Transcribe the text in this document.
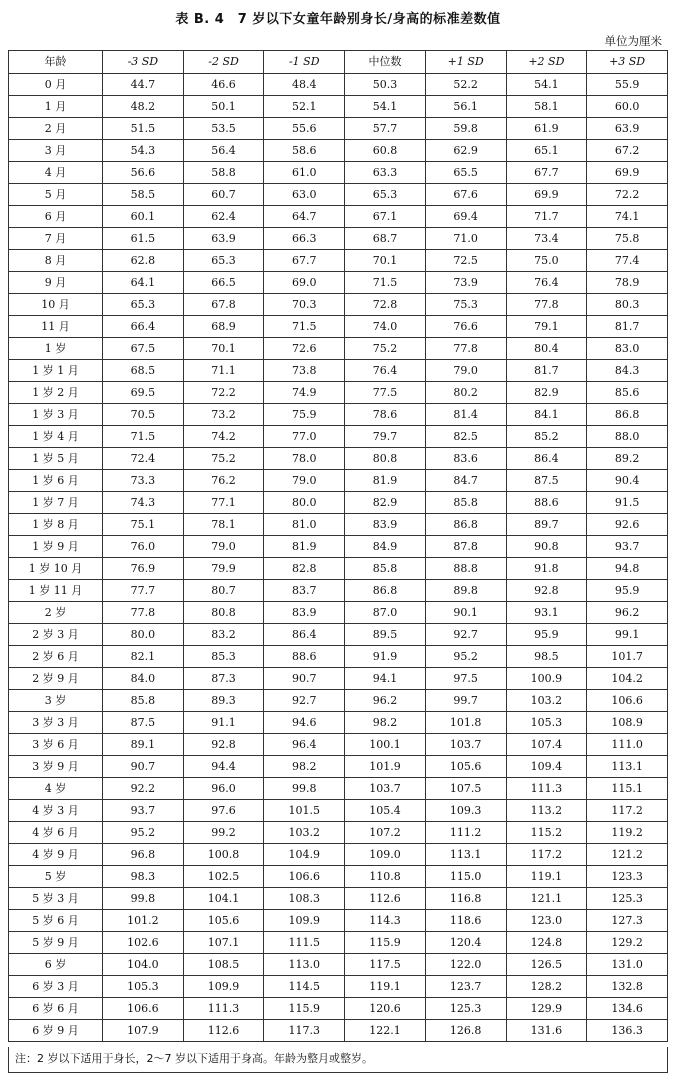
表 B. 4　7 岁以下女童年龄别身长/身高的标准差数值
单位为厘米
年龄	-3 SD	-2 SD	-1 SD	中位数	+1 SD	+2 SD	+3 SD
0 月	44.7	46.6	48.4	50.3	52.2	54.1	55.9
1 月	48.2	50.1	52.1	54.1	56.1	58.1	60.0
2 月	51.5	53.5	55.6	57.7	59.8	61.9	63.9
3 月	54.3	56.4	58.6	60.8	62.9	65.1	67.2
4 月	56.6	58.8	61.0	63.3	65.5	67.7	69.9
5 月	58.5	60.7	63.0	65.3	67.6	69.9	72.2
6 月	60.1	62.4	64.7	67.1	69.4	71.7	74.1
7 月	61.5	63.9	66.3	68.7	71.0	73.4	75.8
8 月	62.8	65.3	67.7	70.1	72.5	75.0	77.4
9 月	64.1	66.5	69.0	71.5	73.9	76.4	78.9
10 月	65.3	67.8	70.3	72.8	75.3	77.8	80.3
11 月	66.4	68.9	71.5	74.0	76.6	79.1	81.7
1 岁	67.5	70.1	72.6	75.2	77.8	80.4	83.0
1 岁 1 月	68.5	71.1	73.8	76.4	79.0	81.7	84.3
1 岁 2 月	69.5	72.2	74.9	77.5	80.2	82.9	85.6
1 岁 3 月	70.5	73.2	75.9	78.6	81.4	84.1	86.8
1 岁 4 月	71.5	74.2	77.0	79.7	82.5	85.2	88.0
1 岁 5 月	72.4	75.2	78.0	80.8	83.6	86.4	89.2
1 岁 6 月	73.3	76.2	79.0	81.9	84.7	87.5	90.4
1 岁 7 月	74.3	77.1	80.0	82.9	85.8	88.6	91.5
1 岁 8 月	75.1	78.1	81.0	83.9	86.8	89.7	92.6
1 岁 9 月	76.0	79.0	81.9	84.9	87.8	90.8	93.7
1 岁 10 月	76.9	79.9	82.8	85.8	88.8	91.8	94.8
1 岁 11 月	77.7	80.7	83.7	86.8	89.8	92.8	95.9
2 岁	77.8	80.8	83.9	87.0	90.1	93.1	96.2
2 岁 3 月	80.0	83.2	86.4	89.5	92.7	95.9	99.1
2 岁 6 月	82.1	85.3	88.6	91.9	95.2	98.5	101.7
2 岁 9 月	84.0	87.3	90.7	94.1	97.5	100.9	104.2
3 岁	85.8	89.3	92.7	96.2	99.7	103.2	106.6
3 岁 3 月	87.5	91.1	94.6	98.2	101.8	105.3	108.9
3 岁 6 月	89.1	92.8	96.4	100.1	103.7	107.4	111.0
3 岁 9 月	90.7	94.4	98.2	101.9	105.6	109.4	113.1
4 岁	92.2	96.0	99.8	103.7	107.5	111.3	115.1
4 岁 3 月	93.7	97.6	101.5	105.4	109.3	113.2	117.2
4 岁 6 月	95.2	99.2	103.2	107.2	111.2	115.2	119.2
4 岁 9 月	96.8	100.8	104.9	109.0	113.1	117.2	121.2
5 岁	98.3	102.5	106.6	110.8	115.0	119.1	123.3
5 岁 3 月	99.8	104.1	108.3	112.6	116.8	121.1	125.3
5 岁 6 月	101.2	105.6	109.9	114.3	118.6	123.0	127.3
5 岁 9 月	102.6	107.1	111.5	115.9	120.4	124.8	129.2
6 岁	104.0	108.5	113.0	117.5	122.0	126.5	131.0
6 岁 3 月	105.3	109.9	114.5	119.1	123.7	128.2	132.8
6 岁 6 月	106.6	111.3	115.9	120.6	125.3	129.9	134.6
6 岁 9 月	107.9	112.6	117.3	122.1	126.8	131.6	136.3
注：2 岁以下适用于身长，2～7 岁以下适用于身高。年龄为整月或整岁。
